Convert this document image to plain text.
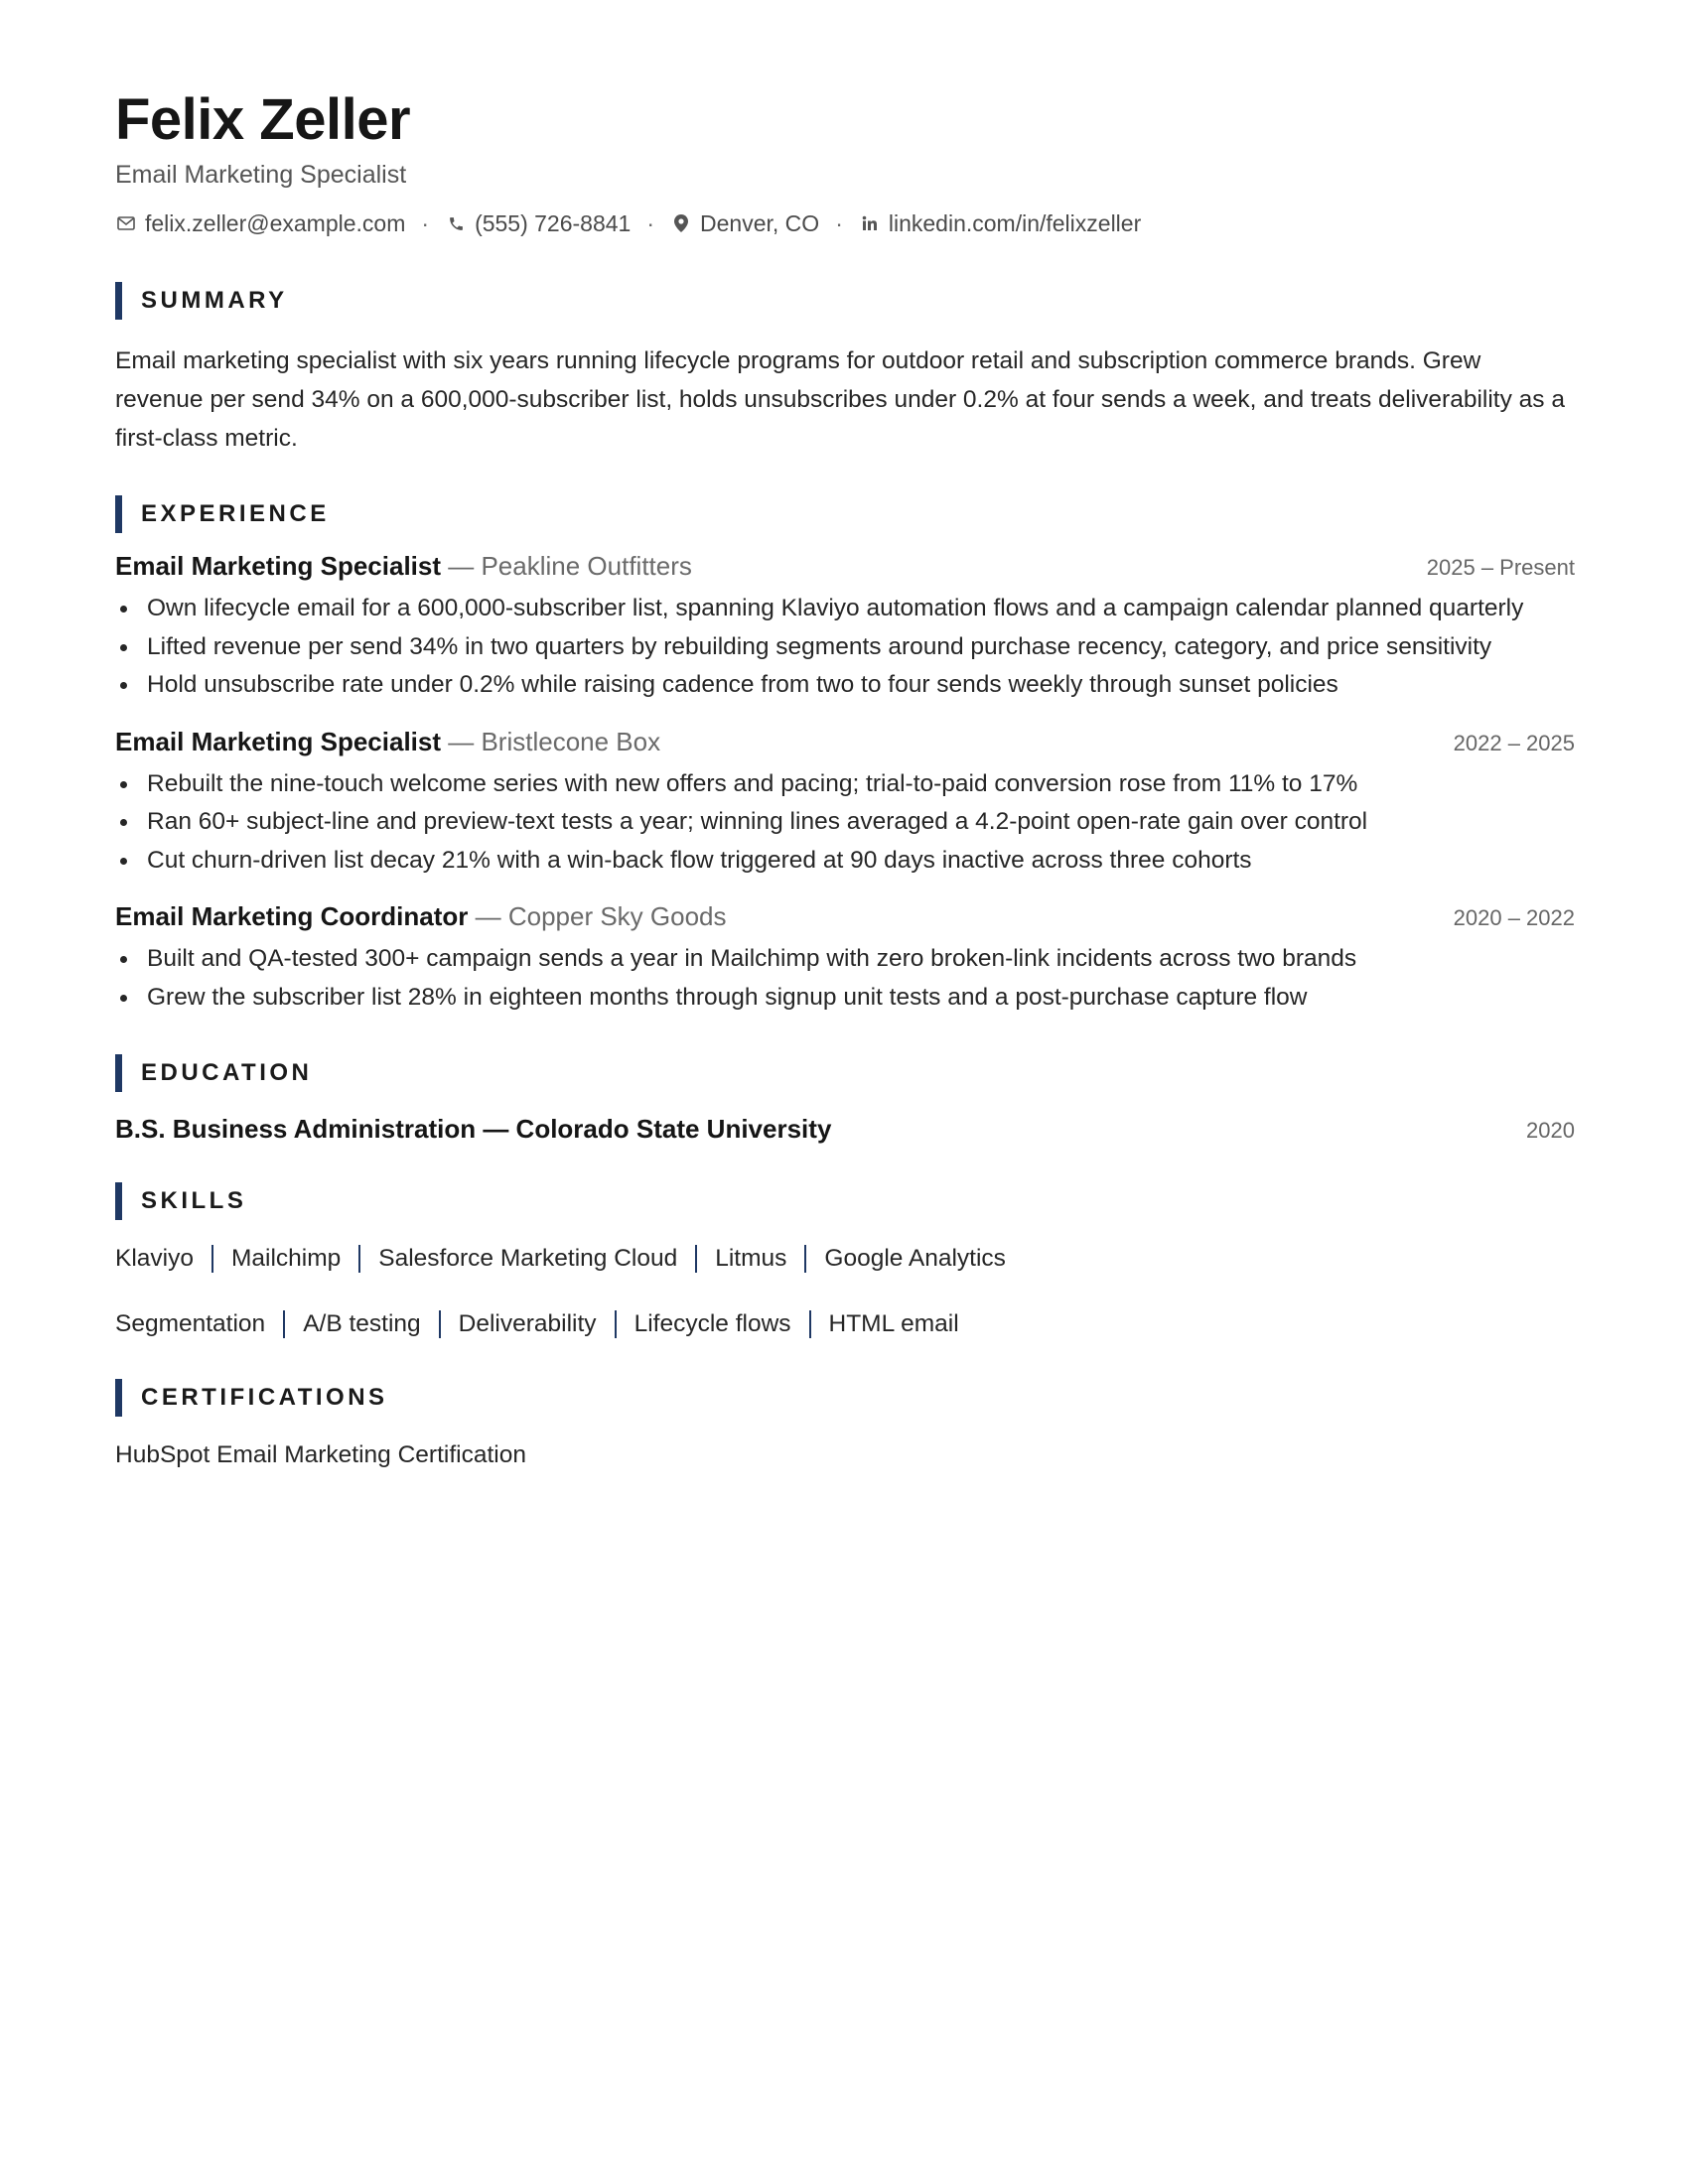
Felix Zeller
Email Marketing Specialist
felix.zeller@example.com · (555) 726-8841 · Denver, CO · linkedin.com/in/felixzeller
SUMMARY

Email marketing specialist with six years running lifecycle programs for outdoor retail and subscription commerce brands. Grew revenue per send 34% on a 600,000-subscriber list, holds unsubscribes under 0.2% at four sends a week, and treats deliverability as a first-class metric.

EXPERIENCE
Email Marketing Specialist — Peakline Outfitters	2025 – Present
Own lifecycle email for a 600,000-subscriber list, spanning Klaviyo automation flows and a campaign calendar planned quarterly
Lifted revenue per send 34% in two quarters by rebuilding segments around purchase recency, category, and price sensitivity
Hold unsubscribe rate under 0.2% while raising cadence from two to four sends weekly through sunset policies
Email Marketing Specialist — Bristlecone Box	2022 – 2025
Rebuilt the nine-touch welcome series with new offers and pacing; trial-to-paid conversion rose from 11% to 17%
Ran 60+ subject-line and preview-text tests a year; winning lines averaged a 4.2-point open-rate gain over control
Cut churn-driven list decay 21% with a win-back flow triggered at 90 days inactive across three cohorts
Email Marketing Coordinator — Copper Sky Goods	2020 – 2022
Built and QA-tested 300+ campaign sends a year in Mailchimp with zero broken-link incidents across two brands
Grew the subscriber list 28% in eighteen months through signup unit tests and a post-purchase capture flow
EDUCATION
B.S. Business Administration — Colorado State University	2020
SKILLS
Klaviyo Mailchimp Salesforce Marketing Cloud Litmus Google Analytics
Segmentation A/B testing Deliverability Lifecycle flows HTML email
CERTIFICATIONS
HubSpot Email Marketing Certification
